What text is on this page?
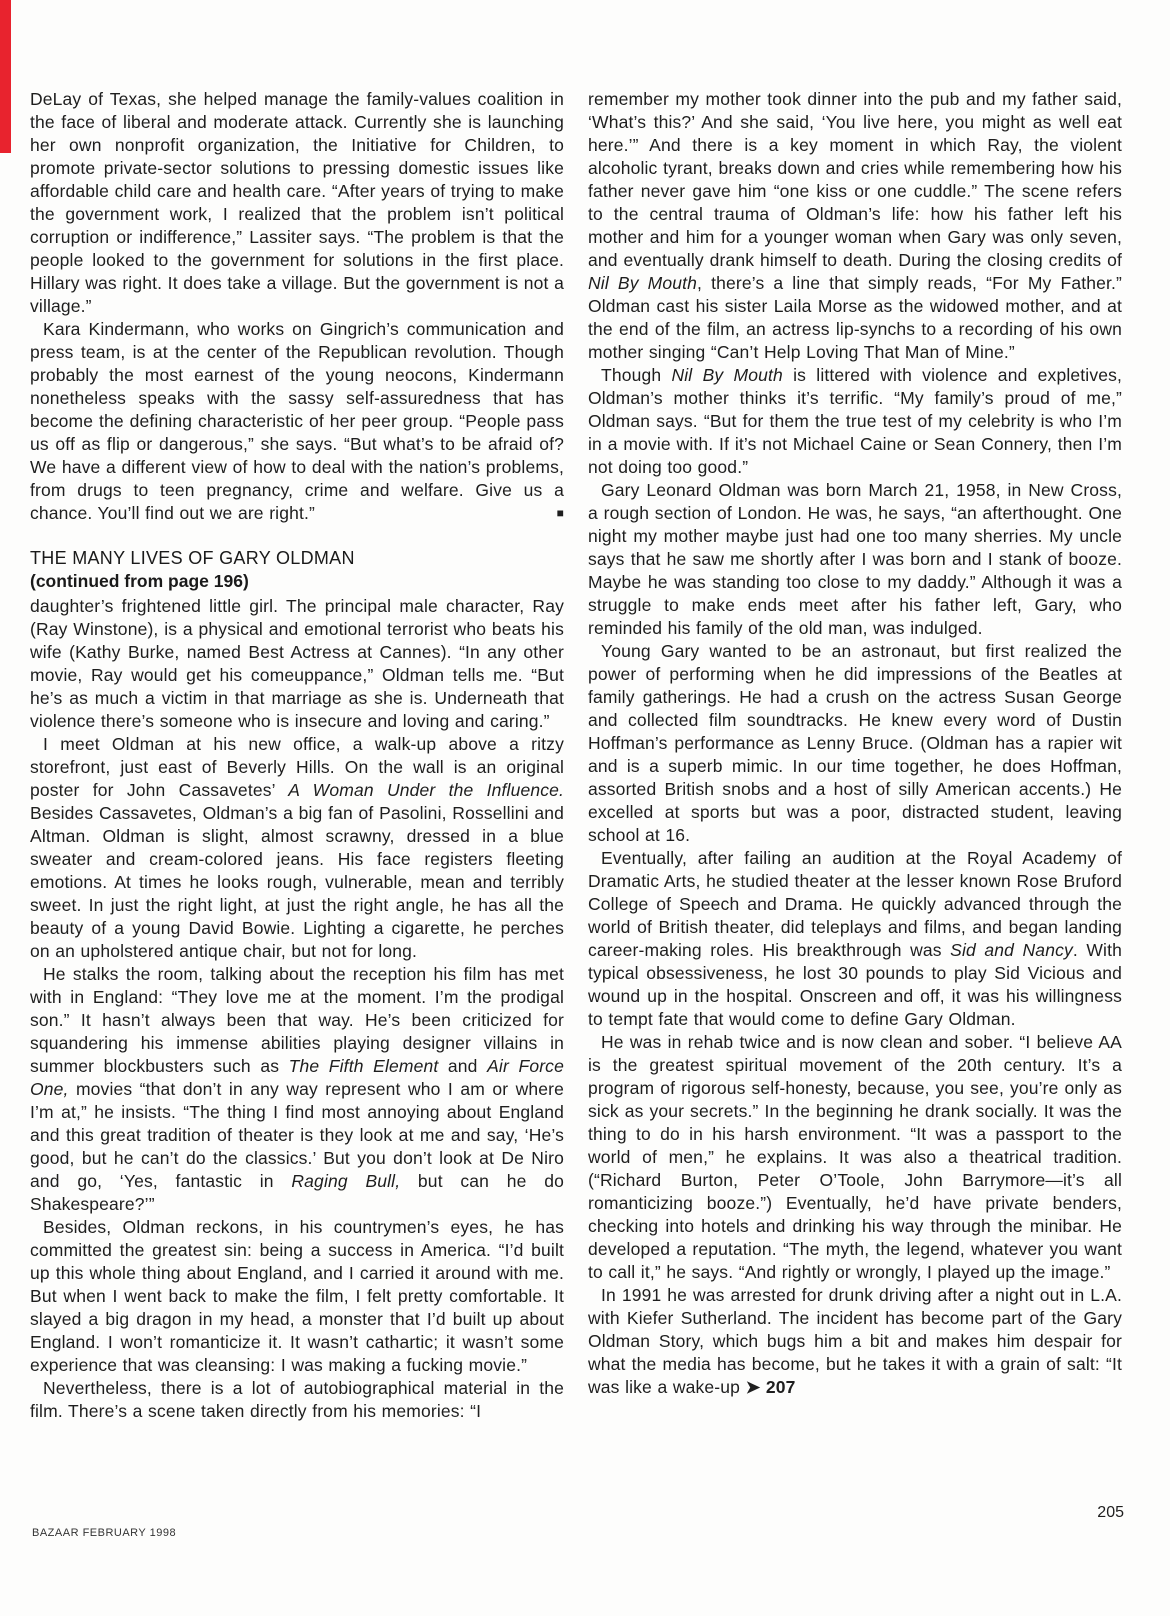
DeLay of Texas, she helped manage the family-values coalition in the face of liberal and moderate attack. Currently she is launching her own nonprofit organization, the Initiative for Children, to promote private-sector solutions to pressing domestic issues like affordable child care and health care. “After years of trying to make the government work, I realized that the problem isn’t political corruption or indifference,” Lassiter says. “The problem is that the people looked to the government for solutions in the first place. Hillary was right. It does take a village. But the government is not a village.”

Kara Kindermann, who works on Gingrich’s communication and press team, is at the center of the Republican revolution. Though probably the most earnest of the young neocons, Kindermann nonetheless speaks with the sassy self-assuredness that has become the defining characteristic of her peer group. “People pass us off as flip or dangerous,” she says. “But what’s to be afraid of? We have a different view of how to deal with the nation’s problems, from drugs to teen pregnancy, crime and welfare. Give us a chance. You’ll find out we are right.”	■

THE MANY LIVES OF GARY OLDMAN
(continued from page 196)

daughter’s frightened little girl. The principal male character, Ray (Ray Winstone), is a physical and emotional terrorist who beats his wife (Kathy Burke, named Best Actress at Cannes). “In any other movie, Ray would get his comeuppance,” Oldman tells me. “But he’s as much a victim in that marriage as she is. Underneath that violence there’s someone who is insecure and loving and caring.”

I meet Oldman at his new office, a walk-up above a ritzy storefront, just east of Beverly Hills. On the wall is an original poster for John Cassavetes’ A Woman Under the Influence. Besides Cassavetes, Oldman’s a big fan of Pasolini, Rossellini and Altman. Oldman is slight, almost scrawny, dressed in a blue sweater and cream-colored jeans. His face registers fleeting emotions. At times he looks rough, vulnerable, mean and terribly sweet. In just the right light, at just the right angle, he has all the beauty of a young David Bowie. Lighting a cigarette, he perches on an upholstered antique chair, but not for long.

He stalks the room, talking about the reception his film has met with in England: “They love me at the moment. I’m the prodigal son.” It hasn’t always been that way. He’s been criticized for squandering his immense abilities playing designer villains in summer blockbusters such as The Fifth Element and Air Force One, movies “that don’t in any way represent who I am or where I’m at,” he insists. “The thing I find most annoying about England and this great tradition of theater is they look at me and say, ‘He’s good, but he can’t do the classics.’ But you don’t look at De Niro and go, ‘Yes, fantastic in Raging Bull, but can he do Shakespeare?’”

Besides, Oldman reckons, in his countrymen’s eyes, he has committed the greatest sin: being a success in America. “I’d built up this whole thing about England, and I carried it around with me. But when I went back to make the film, I felt pretty comfortable. It slayed a big dragon in my head, a monster that I’d built up about England. I won’t romanticize it. It wasn’t cathartic; it wasn’t some experience that was cleansing: I was making a fucking movie.”

Nevertheless, there is a lot of autobiographical material in the film. There’s a scene taken directly from his memories: “I

remember my mother took dinner into the pub and my father said, ‘What’s this?’ And she said, ‘You live here, you might as well eat here.’” And there is a key moment in which Ray, the violent alcoholic tyrant, breaks down and cries while remembering how his father never gave him “one kiss or one cuddle.” The scene refers to the central trauma of Oldman’s life: how his father left his mother and him for a younger woman when Gary was only seven, and eventually drank himself to death. During the closing credits of Nil By Mouth, there’s a line that simply reads, “For My Father.” Oldman cast his sister Laila Morse as the widowed mother, and at the end of the film, an actress lip-synchs to a recording of his own mother singing “Can’t Help Loving That Man of Mine.”

Though Nil By Mouth is littered with violence and expletives, Oldman’s mother thinks it’s terrific. “My family’s proud of me,” Oldman says. “But for them the true test of my celebrity is who I’m in a movie with. If it’s not Michael Caine or Sean Connery, then I’m not doing too good.”

Gary Leonard Oldman was born March 21, 1958, in New Cross, a rough section of London. He was, he says, “an afterthought. One night my mother maybe just had one too many sherries. My uncle says that he saw me shortly after I was born and I stank of booze. Maybe he was standing too close to my daddy.” Although it was a struggle to make ends meet after his father left, Gary, who reminded his family of the old man, was indulged.

Young Gary wanted to be an astronaut, but first realized the power of performing when he did impressions of the Beatles at family gatherings. He had a crush on the actress Susan George and collected film soundtracks. He knew every word of Dustin Hoffman’s performance as Lenny Bruce. (Oldman has a rapier wit and is a superb mimic. In our time together, he does Hoffman, assorted British snobs and a host of silly American accents.) He excelled at sports but was a poor, distracted student, leaving school at 16.

Eventually, after failing an audition at the Royal Academy of Dramatic Arts, he studied theater at the lesser known Rose Bruford College of Speech and Drama. He quickly advanced through the world of British theater, did teleplays and films, and began landing career-making roles. His breakthrough was Sid and Nancy. With typical obsessiveness, he lost 30 pounds to play Sid Vicious and wound up in the hospital. Onscreen and off, it was his willingness to tempt fate that would come to define Gary Oldman.

He was in rehab twice and is now clean and sober. “I believe AA is the greatest spiritual movement of the 20th century. It’s a program of rigorous self-honesty, because, you see, you’re only as sick as your secrets.” In the beginning he drank socially. It was the thing to do in his harsh environment. “It was a passport to the world of men,” he explains. It was also a theatrical tradition. (“Richard Burton, Peter O’Toole, John Barrymore—it’s all romanticizing booze.”) Eventually, he’d have private benders, checking into hotels and drinking his way through the minibar. He developed a reputation. “The myth, the legend, whatever you want to call it,” he says. “And rightly or wrongly, I played up the image.”

In 1991 he was arrested for drunk driving after a night out in L.A. with Kiefer Sutherland. The incident has become part of the Gary Oldman Story, which bugs him a bit and makes him despair for what the media has become, but he takes it with a grain of salt: “It was like a wake-up ➤ 207

BAZAAR FEBRUARY 1998
205
